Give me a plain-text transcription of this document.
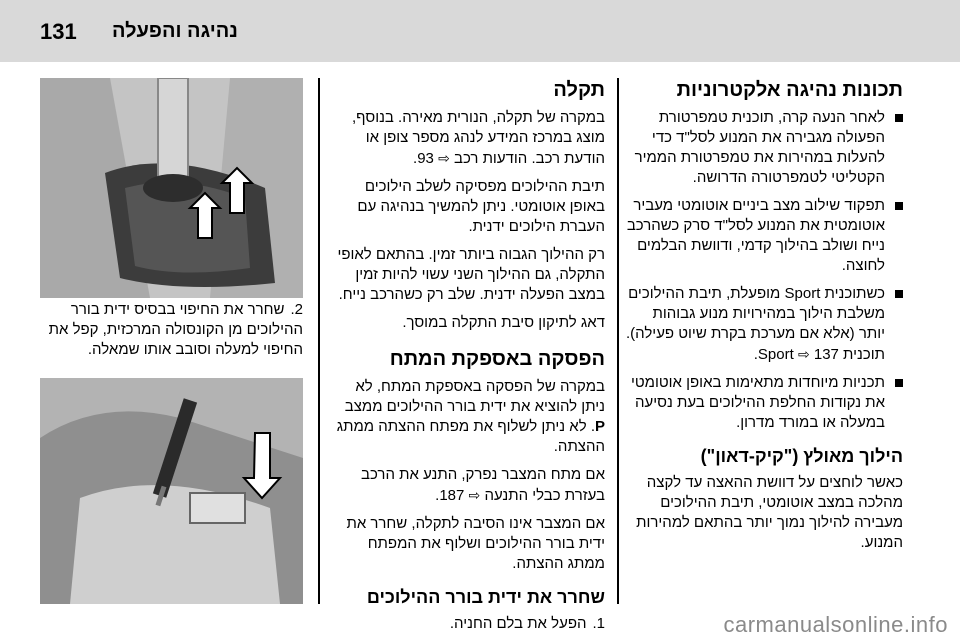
131 נהיגה והפעלה
תכונות נהיגה אלקטרוניות
לאחר הנעה קרה, תוכנית טמפרטורת הפעולה מגבירה את המנוע לסל"ד כדי להעלות במהירות את טמפרטורת הממיר הקטליטי לטמפרטורה הדרושה.
תפקוד שילוב מצב ביניים אוטומטי מעביר אוטומטית את המנוע לסל"ד סרק כשהרכב נייח ושולב בהילוך קדמי, ודוושת הבלמים לחוצה.
כשתוכנית Sport מופעלת, תיבת ההילוכים משלבת הילוך במהירויות מנוע גבוהות יותר (אלא אם מערכת בקרת שיוט פעילה). תוכנית Sport ⇨ 137.
תכניות מיוחדות מתאימות באופן אוטומטי את נקודות החלפת ההילוכים בעת נסיעה במעלה או במורד מדרון.
הילוך מאולץ ("קיק-דאון")

כאשר לוחצים על דוושת ההאצה עד לקצה מהלכה במצב אוטומטי, תיבת ההילוכים מעבירה להילוך נמוך יותר בהתאם למהירות המנוע.

תקלה

במקרה של תקלה, הנורית מאירה. בנוסף, מוצג במרכז המידע לנהג מספר צופן או הודעת רכב. הודעות רכב ⇨ 93.

תיבת ההילוכים מפסיקה לשלב הילוכים באופן אוטומטי. ניתן להמשיך בנהיגה עם העברת הילוכים ידנית.

רק ההילוך הגבוה ביותר זמין. בהתאם לאופי התקלה, גם ההילוך השני עשוי להיות זמין במצב הפעלה ידנית. שלב רק כשהרכב נייח.

דאג לתיקון סיבת התקלה במוסך.

הפסקה באספקת המתח

במקרה של הפסקה באספקת המתח, לא ניתן להוציא את ידית בורר ההילוכים ממצב P. לא ניתן לשלוף את מפתח ההצתה ממתג ההצתה.

אם מתח המצבר נפרק, התנע את הרכב בעזרת כבלי התנעה ⇨ 187.

אם המצבר אינו הסיבה לתקלה, שחרר את ידית בורר ההילוכים ושלוף את המפתח ממתג ההצתה.

שחרר את ידית בורר ההילוכים
1.הפעל את בלם החניה.
2.שחרר את החיפוי בבסיס ידית בורר ההילוכים מן הקונסולה המרכזית, קפל את החיפוי למעלה וסובב אותו שמאלה.
carmanualsonline.info
